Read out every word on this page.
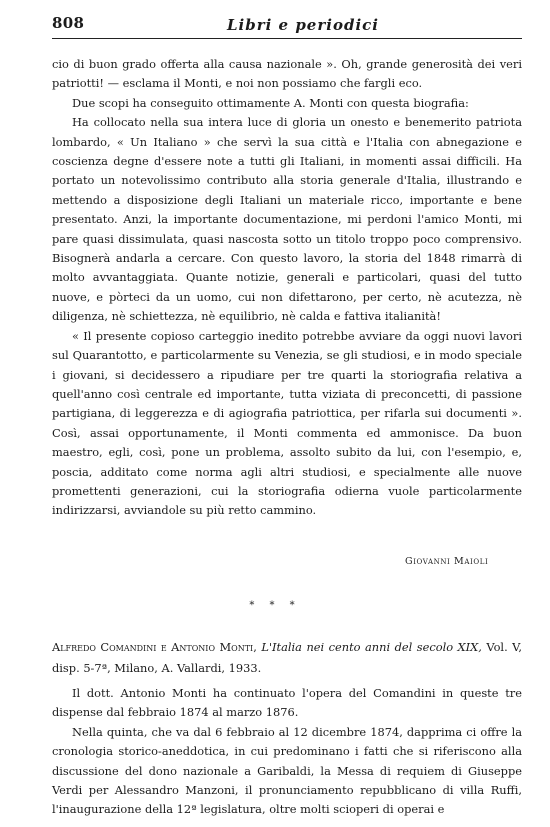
808	Libri e periodici

cio di buon grado offerta alla causa nazionale ». Oh, grande generosità dei veri patriotti! — esclama il Monti, e noi non possiamo che fargli eco.

Due scopi ha conseguito ottimamente A. Monti con questa biografia:

Ha collocato nella sua intera luce di gloria un onesto e benemerito patriota lombardo, « Un Italiano » che servì la sua città e l'Italia con abnegazione e coscienza degne d'essere note a tutti gli Italiani, in momenti assai difficili. Ha portato un notevolissimo contributo alla storia generale d'Italia, illustrando e mettendo a disposizione degli Italiani un materiale ricco, importante e bene presentato. Anzi, la importante documentazione, mi perdoni l'amico Monti, mi pare quasi dissimulata, quasi nascosta sotto un titolo troppo poco comprensivo. Bisognerà andarla a cercare. Con questo lavoro, la storia del 1848 rimarrà di molto avvantaggiata. Quante notizie, generali e particolari, quasi del tutto nuove, e pòrteci da un uomo, cui non difettarono, per certo, nè acutezza, nè diligenza, nè schiettezza, nè equilibrio, nè calda e fattiva italianità!

« Il presente copioso carteggio inedito potrebbe avviare da oggi nuovi lavori sul Quarantotto, e particolarmente su Venezia, se gli studiosi, e in modo speciale i giovani, si decidessero a ripudiare per tre quarti la storiografia relativa a quell'anno così centrale ed importante, tutta viziata di preconcetti, di passione partigiana, di leggerezza e di agiografia patriottica, per rifarla sui documenti ». Così, assai opportunamente, il Monti commenta ed ammonisce. Da buon maestro, egli, così, pone un problema, assolto subito da lui, con l'esempio, e, poscia, additato come norma agli altri studiosi, e specialmente alle nuove promettenti generazioni, cui la storiografia odierna vuole particolarmente indirizzarsi, avviandole su più retto cammino.

Giovanni Maioli
* * *
Alfredo Comandini e Antonio Monti, L'Italia nei cento anni del secolo XIX, Vol. V, disp. 5-7ª, Milano, A. Vallardi, 1933.

Il dott. Antonio Monti ha continuato l'opera del Comandini in queste tre dispense dal febbraio 1874 al marzo 1876.

Nella quinta, che va dal 6 febbraio al 12 dicembre 1874, dapprima ci offre la cronologia storico-aneddotica, in cui predominano i fatti che si riferiscono alla discussione del dono nazionale a Garibaldi, la Messa di requiem di Giuseppe Verdi per Alessandro Manzoni, il pronunciamento repubblicano di villa Ruffi, l'inaugurazione della 12ª legislatura, oltre molti scioperi di operai e
